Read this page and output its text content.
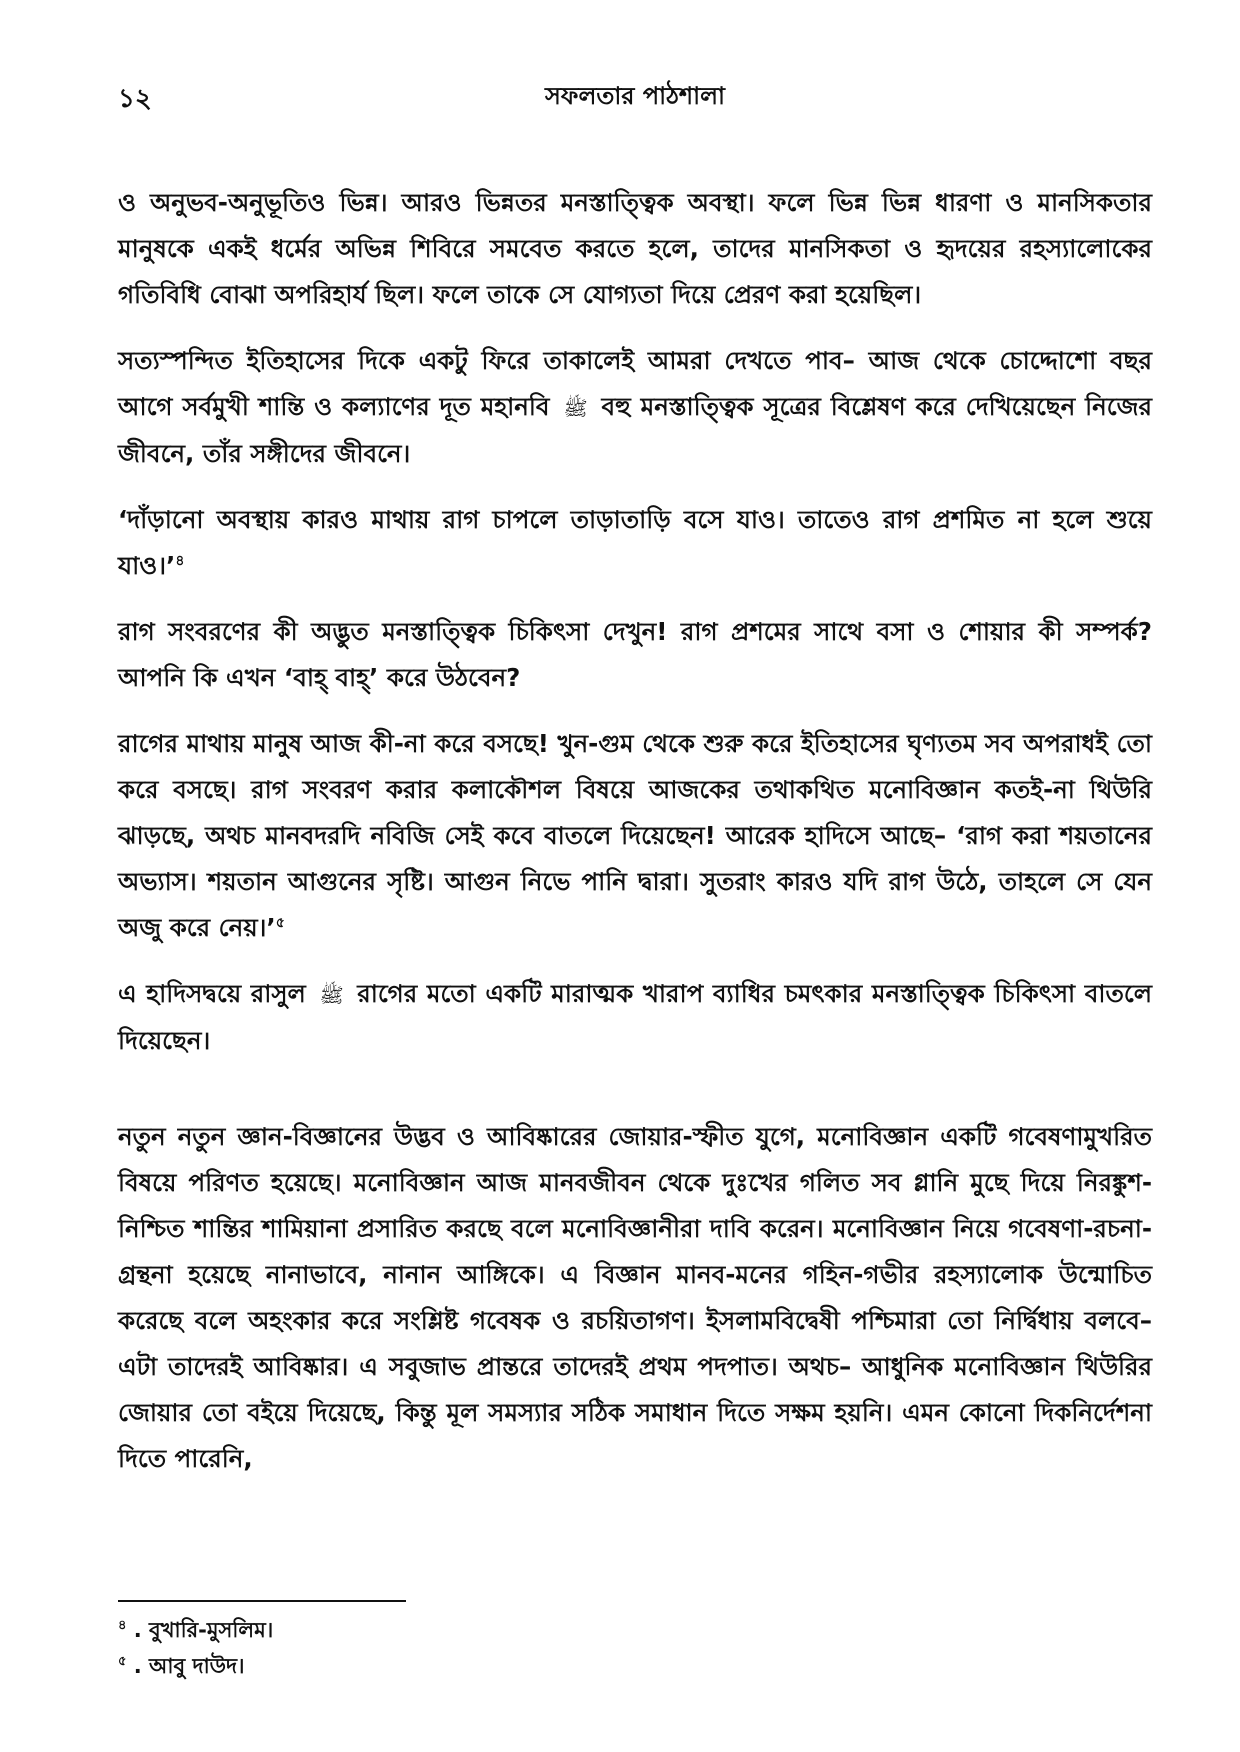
১২	সফলতার পাঠশালা

ও অনুভব-অনুভূতিও ভিন্ন। আরও ভিন্নতর মনস্তাত্ত্বিক অবস্থা। ফলে ভিন্ন ভিন্ন ধারণা ও মানসিকতার মানুষকে একই ধর্মের অভিন্ন শিবিরে সমবেত করতে হলে, তাদের মানসিকতা ও হৃদয়ের রহস্যালোকের গতিবিধি বোঝা অপরিহার্য ছিল। ফলে তাকে সে যোগ্যতা দিয়ে প্রেরণ করা হয়েছিল।

সত্যস্পন্দিত ইতিহাসের দিকে একটু ফিরে তাকালেই আমরা দেখতে পাব– আজ থেকে চোদ্দোশো বছর আগে সর্বমুখী শান্তি ও কল্যাণের দূত মহানবি ﷺ বহু মনস্তাত্ত্বিক সূত্রের বিশ্লেষণ করে দেখিয়েছেন নিজের জীবনে, তাঁর সঙ্গীদের জীবনে।

‘দাঁড়ানো অবস্থায় কারও মাথায় রাগ চাপলে তাড়াতাড়ি বসে যাও। তাতেও রাগ প্রশমিত না হলে শুয়ে যাও।’$^৪$

রাগ সংবরণের কী অদ্ভুত মনস্তাত্ত্বিক চিকিৎসা দেখুন! রাগ প্রশমের সাথে বসা ও শোয়ার কী সম্পর্ক? আপনি কি এখন ‘বাহ্ বাহ্’ করে উঠবেন?

রাগের মাথায় মানুষ আজ কী-না করে বসছে! খুন-গুম থেকে শুরু করে ইতিহাসের ঘৃণ্যতম সব অপরাধই তো করে বসছে। রাগ সংবরণ করার কলাকৌশল বিষয়ে আজকের তথাকথিত মনোবিজ্ঞান কতই-না থিউরি ঝাড়ছে, অথচ মানবদরদি নবিজি সেই কবে বাতলে দিয়েছেন! আরেক হাদিসে আছে– ‘রাগ করা শয়তানের অভ্যাস। শয়তান আগুনের সৃষ্টি। আগুন নিভে পানি দ্বারা। সুতরাং কারও যদি রাগ উঠে, তাহলে সে যেন অজু করে নেয়।’$^৫$

এ হাদিসদ্বয়ে রাসুল ﷺ রাগের মতো একটি মারাত্মক খারাপ ব্যাধির চমৎকার মনস্তাত্ত্বিক চিকিৎসা বাতলে দিয়েছেন।

নতুন নতুন জ্ঞান-বিজ্ঞানের উদ্ভব ও আবিষ্কারের জোয়ার-স্ফীত যুগে, মনোবিজ্ঞান একটি গবেষণামুখরিত বিষয়ে পরিণত হয়েছে। মনোবিজ্ঞান আজ মানবজীবন থেকে দুঃখের গলিত সব গ্লানি মুছে দিয়ে নিরঙ্কুশ-নিশ্চিত শান্তির শামিয়ানা প্রসারিত করছে বলে মনোবিজ্ঞানীরা দাবি করেন। মনোবিজ্ঞান নিয়ে গবেষণা-রচনা-গ্রন্থনা হয়েছে নানাভাবে, নানান আঙ্গিকে। এ বিজ্ঞান মানব-মনের গহিন-গভীর রহস্যালোক উন্মোচিত করেছে বলে অহংকার করে সংশ্লিষ্ট গবেষক ও রচয়িতাগণ। ইসলামবিদ্বেষী পশ্চিমারা তো নির্দ্বিধায় বলবে– এটা তাদেরই আবিষ্কার। এ সবুজাভ প্রান্তরে তাদেরই প্রথম পদপাত। অথচ– আধুনিক মনোবিজ্ঞান থিউরির জোয়ার তো বইয়ে দিয়েছে, কিন্তু মূল সমস্যার সঠিক সমাধান দিতে সক্ষম হয়নি। এমন কোনো দিকনির্দেশনা দিতে পারেনি,

$^৪$ . বুখারি-মুসলিম।
$^৫$ . আবু দাউদ।
